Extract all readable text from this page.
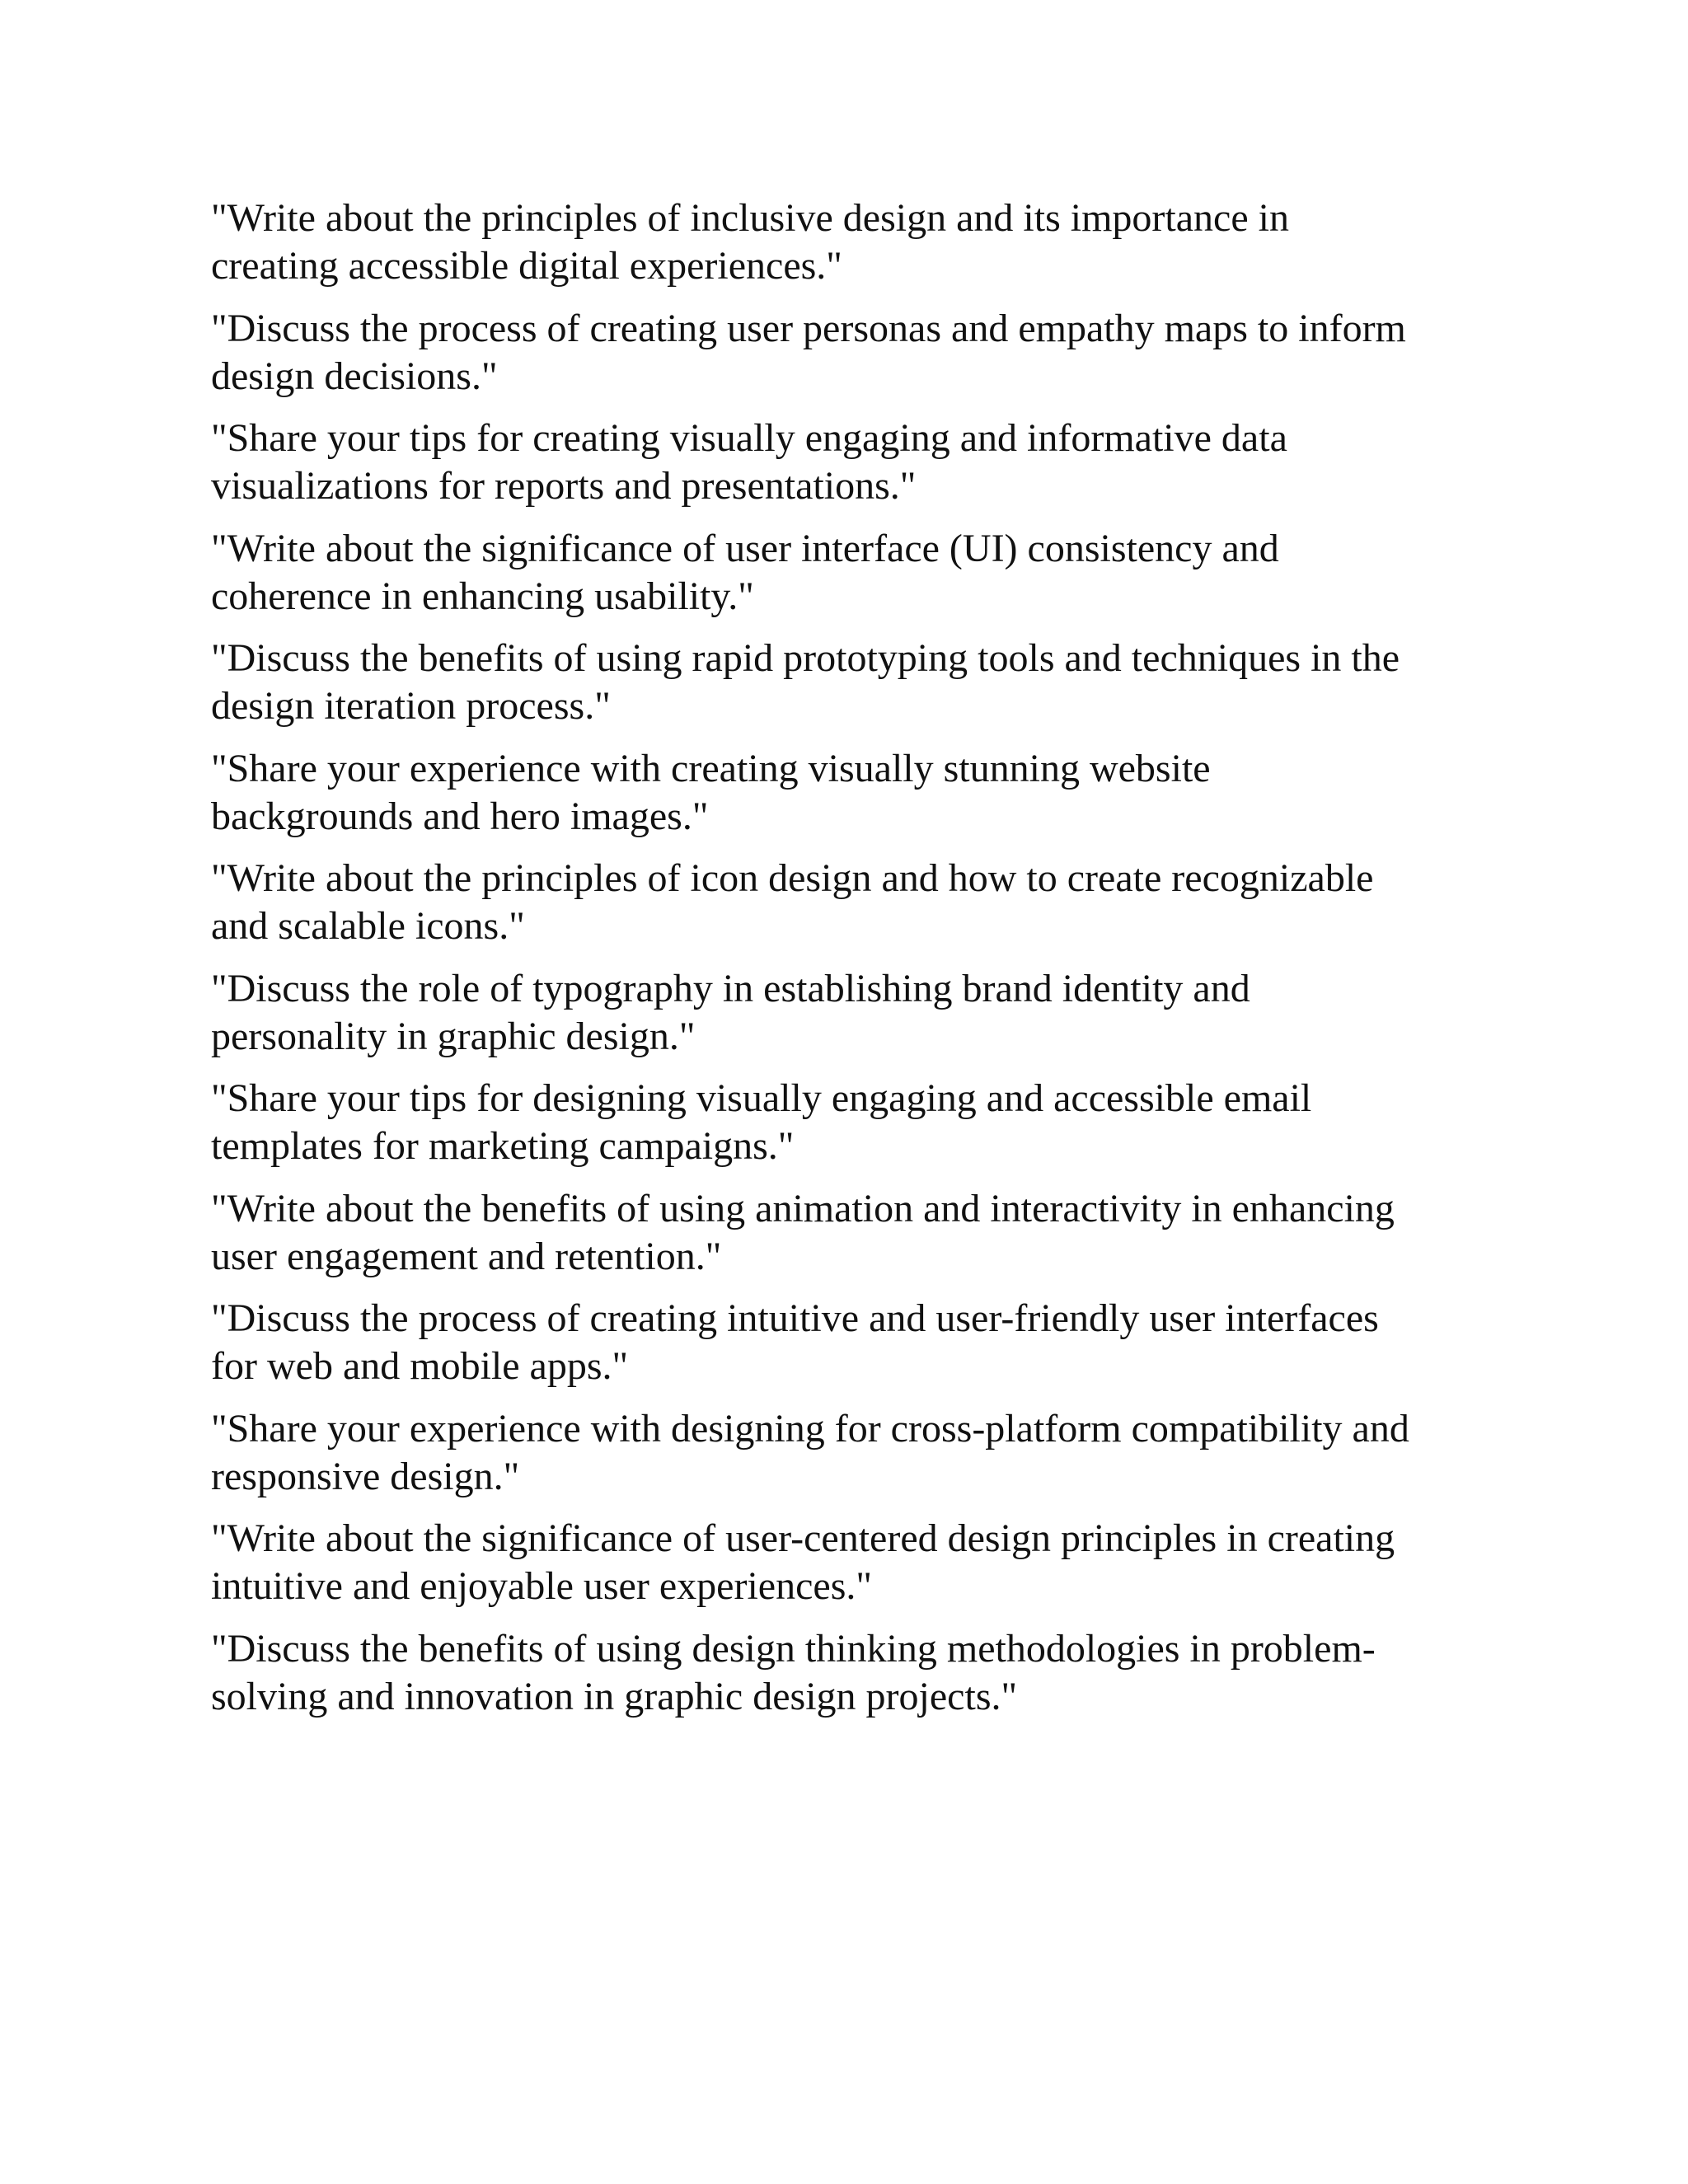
"Write about the principles of inclusive design and its importance in
creating accessible digital experiences."

"Discuss the process of creating user personas and empathy maps to inform
design decisions."

"Share your tips for creating visually engaging and informative data
visualizations for reports and presentations."

"Write about the significance of user interface (UI) consistency and
coherence in enhancing usability."

"Discuss the benefits of using rapid prototyping tools and techniques in the
design iteration process."

"Share your experience with creating visually stunning website
backgrounds and hero images."

"Write about the principles of icon design and how to create recognizable
and scalable icons."

"Discuss the role of typography in establishing brand identity and
personality in graphic design."

"Share your tips for designing visually engaging and accessible email
templates for marketing campaigns."

"Write about the benefits of using animation and interactivity in enhancing
user engagement and retention."

"Discuss the process of creating intuitive and user-friendly user interfaces
for web and mobile apps."

"Share your experience with designing for cross-platform compatibility and
responsive design."

"Write about the significance of user-centered design principles in creating
intuitive and enjoyable user experiences."

"Discuss the benefits of using design thinking methodologies in problem-
solving and innovation in graphic design projects."
